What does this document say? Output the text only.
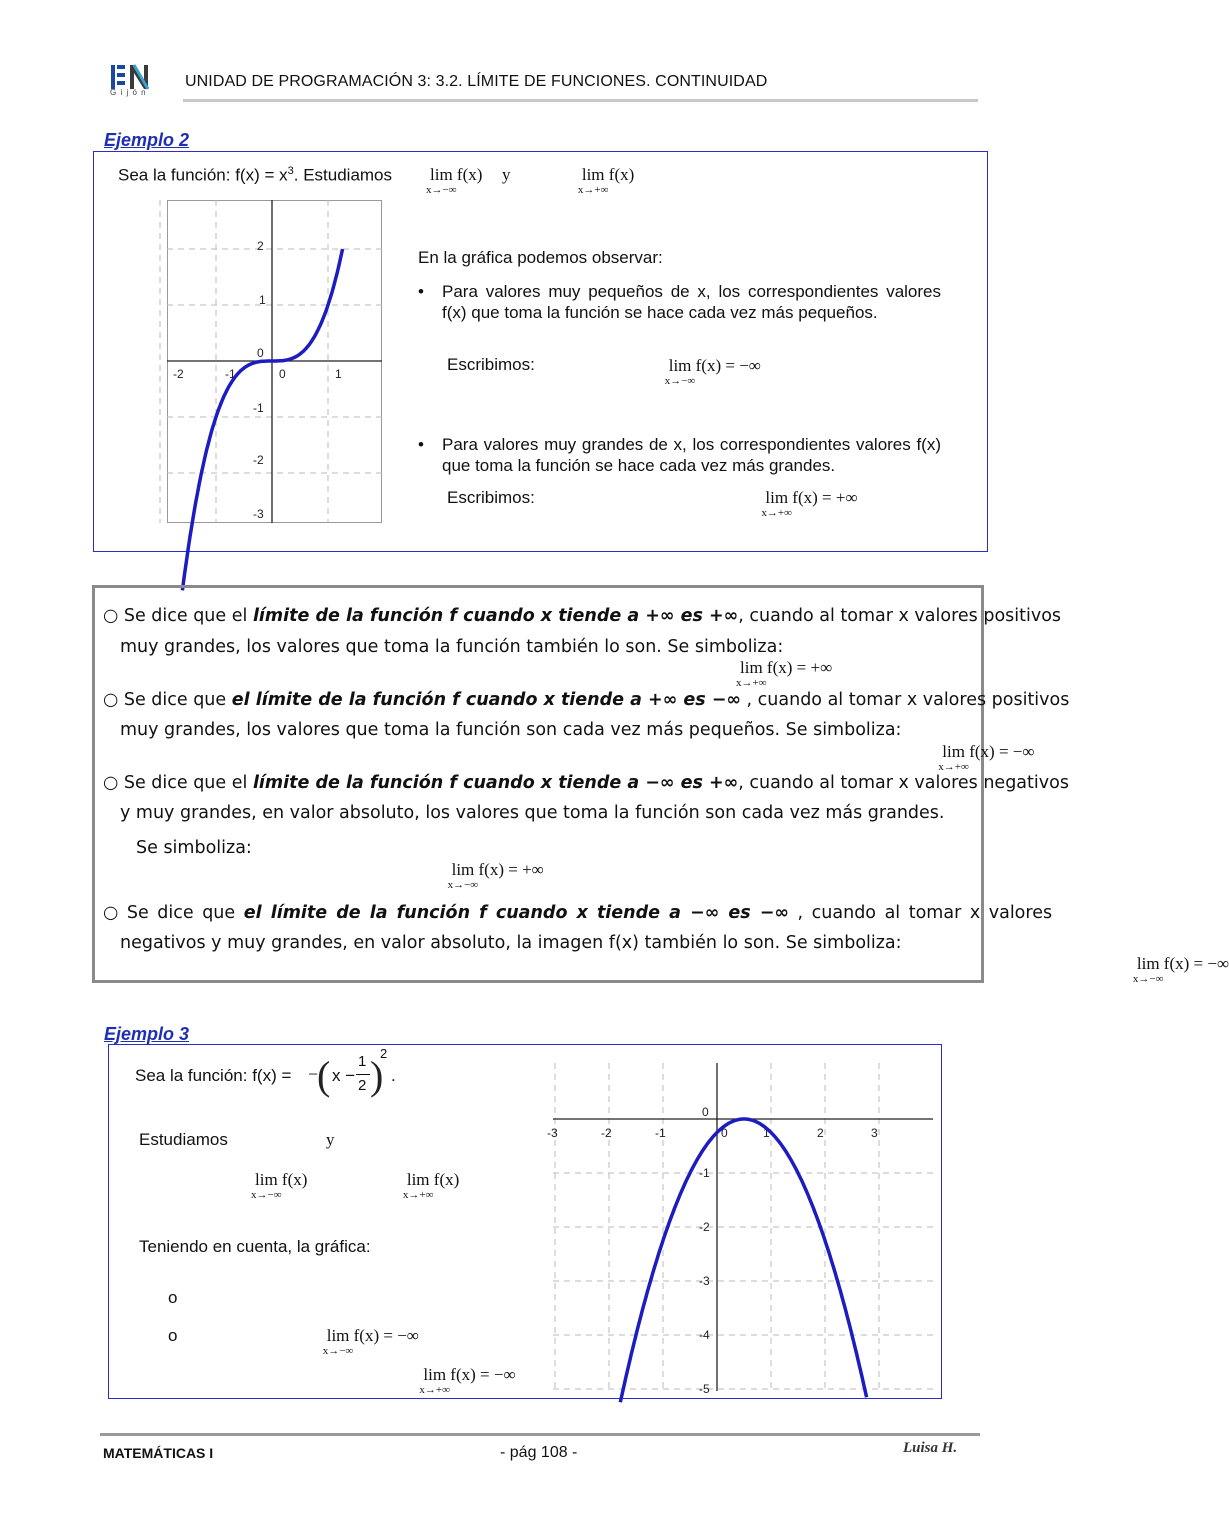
G i j ó n
UNIDAD DE PROGRAMACIÓN 3: 3.2. LÍMITE DE FUNCIONES. CONTINUIDAD
Ejemplo 2
Sea la función: $f(x) = x^3$. Estudiamos lim f(x)
x→−∞

y	lim f(x)
x→+∞

-2	-1	0	1
2
1
0
-1
-2
-3
En la gráfica podemos observar:
•	Para valores muy pequeños de x, los correspondientes valores f(x) que toma la función se hace cada vez más pequeños.
Escribimos:	lim f(x) = −∞
x→−∞

•	Para valores muy grandes de x, los correspondientes valores f(x) que toma la función se hace cada vez más grandes.
Escribimos:	lim f(x) = +∞
x→+∞
○ Se dice que el límite de la función f cuando x tiende a +∞ es +∞, cuando al tomar x valores positivos
muy grandes, los valores que toma la función también lo son. Se simboliza:
lim f(x) = +∞
x→+∞

○ Se dice que el límite de la función f cuando x tiende a +∞ es −∞ , cuando al tomar x valores positivos
muy grandes, los valores que toma la función son cada vez más pequeños. Se simboliza:
lim f(x) = −∞
x→+∞

○ Se dice que el límite de la función f cuando x tiende a −∞ es +∞, cuando al tomar x valores negativos
y muy grandes, en valor absoluto, los valores que toma la función son cada vez más grandes.
Se simboliza:
lim f(x) = +∞
x→−∞

○ Se dice que el límite de la función f cuando x tiende a −∞ es −∞ , cuando al tomar x valores
negativos y muy grandes, en valor absoluto, la imagen f(x) también lo son. Se simboliza:
lim f(x) = −∞
x→−∞
Ejemplo 3
Sea la función: f(x) = −
( x −
1
2 )
2
.
Estudiamos
lim f(x)
x→−∞

y
lim f(x)
x→+∞

Teniendo en cuenta, la gráfica:
o
lim f(x) = −∞
x→−∞

o
lim f(x) = −∞
x→+∞
-3	-2	-1	0	1	2	3
0
-1
-2
-3
-4
-5
MATEMÁTICAS I	- pág 108 -	Luisa H.
